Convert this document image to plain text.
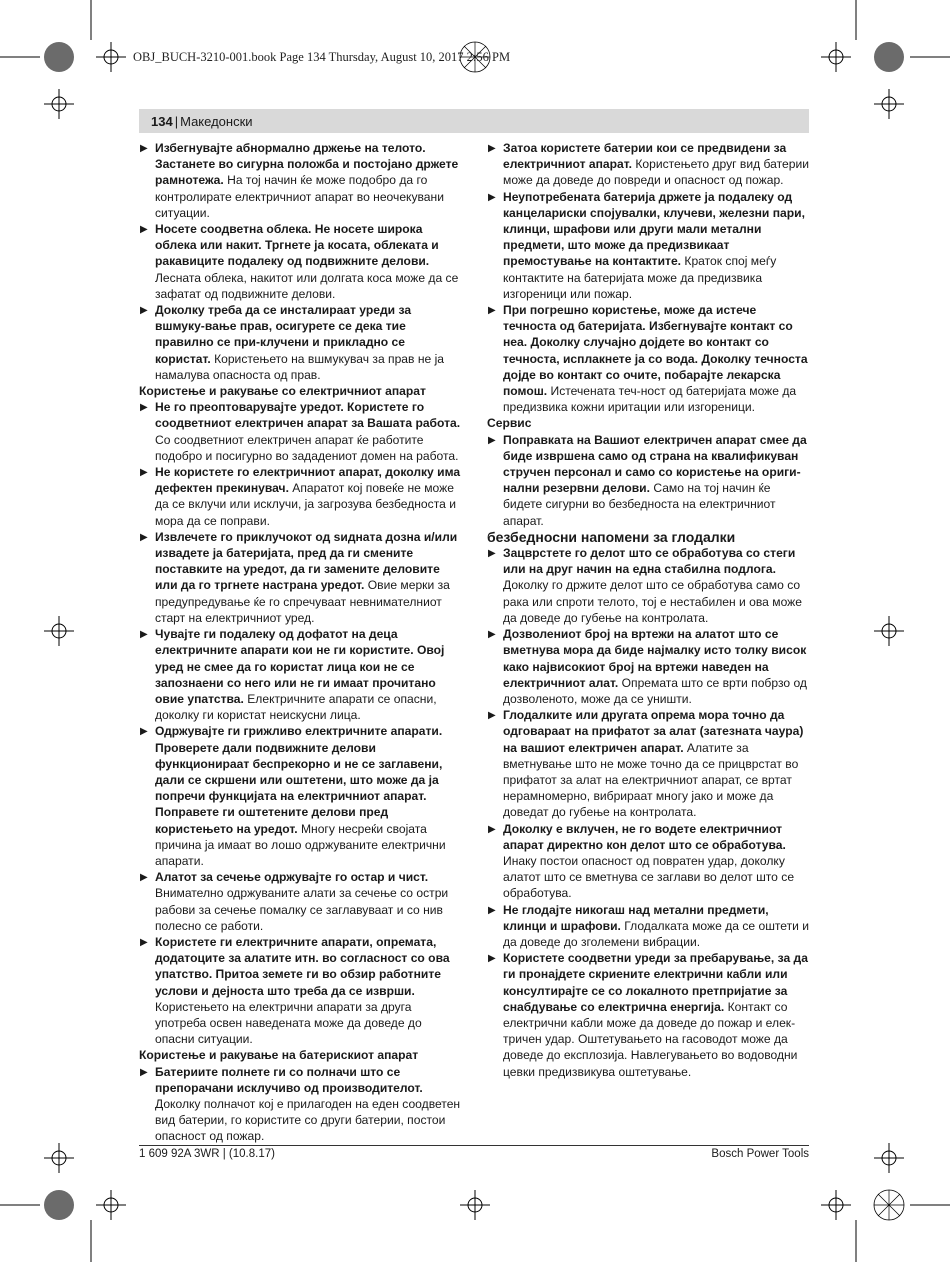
OBJ_BUCH-3210-001.book Page 134 Thursday, August 10, 2017 2:56 PM
134 | Македонски

▶ Избегнувајте абнормално држење на телото. Застанете во сигурна положба и постојано држете рамнотежа. На тој начин ќе може подобро да го контролирате електричниот апарат во неочекувани ситуации.

▶ Носете соодветна облека. Не носете широка облека или накит. Тргнете ја косата, облеката и ракавиците подалеку од подвижните делови. Лесната облека, накитот или долгата коса може да се зафатат од подвижните делови.

▶ Доколку треба да се инсталираат уреди за вшмуку-вање прав, осигурете се дека тие правилно се при-клучени и прикладно се користат. Користењето на вшмукувач за прав не ја намалува опасноста од прав.

Користење и ракување со електричниот апарат

▶ Не го преоптоварувајте уредот. Користете го соодветниот електричен апарат за Вашата работа. Со соодветниот електричен апарат ќе работите подобро и посигурно во зададениот домен на работа.

▶ Не користете го електричниот апарат, доколку има дефектен прекинувач. Апаратот кој повеќе не може да се вклучи или исклучи, ја загрозува безбедноста и мора да се поправи.

▶ Извлечете го приклучокот од ѕидната дозна и/или извадете ја батеријата, пред да ги смените поставките на уредот, да ги замените деловите или да го тргнете настрана уредот. Овие мерки за предупредување ќе го спречуваат невнимателниот старт на електричниот уред.

▶ Чувајте ги подалеку од дофатот на деца електричните апарати кои не ги користите. Овој уред не смее да го користат лица кои не се запознаени со него или не ги имаат прочитано овие упатства. Електричните апарати се опасни, доколку ги користат неискусни лица.

▶ Одржувајте ги грижливо електричните апарати. Проверете дали подвижните делови функционираат беспрекорно и не се заглавени, дали се скршени или оштетени, што може да ја попречи функцијата на електричниот апарат. Поправете ги оштетените делови пред користењето на уредот. Многу несреќи својата причина ја имаат во лошо одржуваните електрични апарати.

▶ Алатот за сечење одржувајте го остар и чист. Внимателно одржуваните алати за сечење со остри рабови за сечење помалку се заглавуваат и со нив полесно се работи.

▶ Користете ги електричните апарати, опремата, додатоците за алатите итн. во согласност со ова упатство. Притоа земете ги во обзир работните услови и дејноста што треба да се изврши. Користењето на електрични апарати за друга употреба освен наведената може да доведе до опасни ситуации.

Користење и ракување на батерискиот апарат

▶ Батериите полнете ги со полначи што се препорачани исклучиво од производителот. Доколку полначот кој е прилагоден на еден соодветен вид батерии, го користите со други батерии, постои опасност од пожар.

▶ Затоа користете батерии кои се предвидени за електричниот апарат. Користењето друг вид батерии може да доведе до повреди и опасност од пожар.

▶ Неупотребената батерија држете ја подалеку од канцелариски спојувалки, клучеви, железни пари, клинци, шрафови или други мали метални предмети, што може да предизвикаат премостување на контактите. Краток спој меѓу контактите на батеријата може да предизвика изгореници или пожар.

▶ При погрешно користење, може да истече течноста од батеријата. Избегнувајте контакт со неа. Доколку случајно дојдете во контакт со течноста, исплакнете ја со вода. Доколку течноста дојде во контакт со очите, побарајте лекарска помош. Истечената теч-ност од батеријата може да предизвика кожни иритации или изгореници.

Сервис

▶ Поправката на Вашиот електричен апарат смее да биде извршена само од страна на квалификуван стручен персонал и само со користење на ориги-нални резервни делови. Само на тој начин ќе бидете сигурни во безбедноста на електричниот апарат.

безбедносни напомени за глодалки

▶ Зацврстете го делот што се обработува со стеги или на друг начин на една стабилна подлога. Доколку го држите делот што се обработува само со рака или спроти телото, тој е нестабилен и ова може да доведе до губење на контролата.

▶ Дозволениот број на вртежи на алатот што се вметнува мора да биде најмалку исто толку висок како највисокиот број на вртежи наведен на електричниот алат. Опремата што се врти побрзо од дозволеното, може да се уништи.

▶ Глодалките или другата опрема мора точно да одговараат на прифатот за алат (затезната чаура) на вашиот електричен апарат. Алатите за вметнување што не може точно да се прицврстат во прифатот за алат на електричниот апарат, се вртат нерамномерно, вибрираат многу јако и може да доведат до губење на контролата.

▶ Доколку е вклучен, не го водете електричниот апарат директно кон делот што се обработува. Инаку постои опасност од повратен удар, доколку алатот што се вметнува се заглави во делот што се обработува.

▶ Не глодајте никогаш над метални предмети, клинци и шрафови. Глодалката може да се оштети и да доведе до зголемени вибрации.

▶ Користете соодветни уреди за пребарување, за да ги пронајдете скриените електрични кабли или консултирајте се со локалното претпријатие за снабдување со електрична енергија. Контакт со електрични кабли може да доведе до пожар и елек-тричен удар. Оштетувањето на гасоводот може да доведе до експлозија. Навлегувањето во водоводни цевки предизвикува оштетување.

1 609 92A 3WR | (10.8.17)	Bosch Power Tools
